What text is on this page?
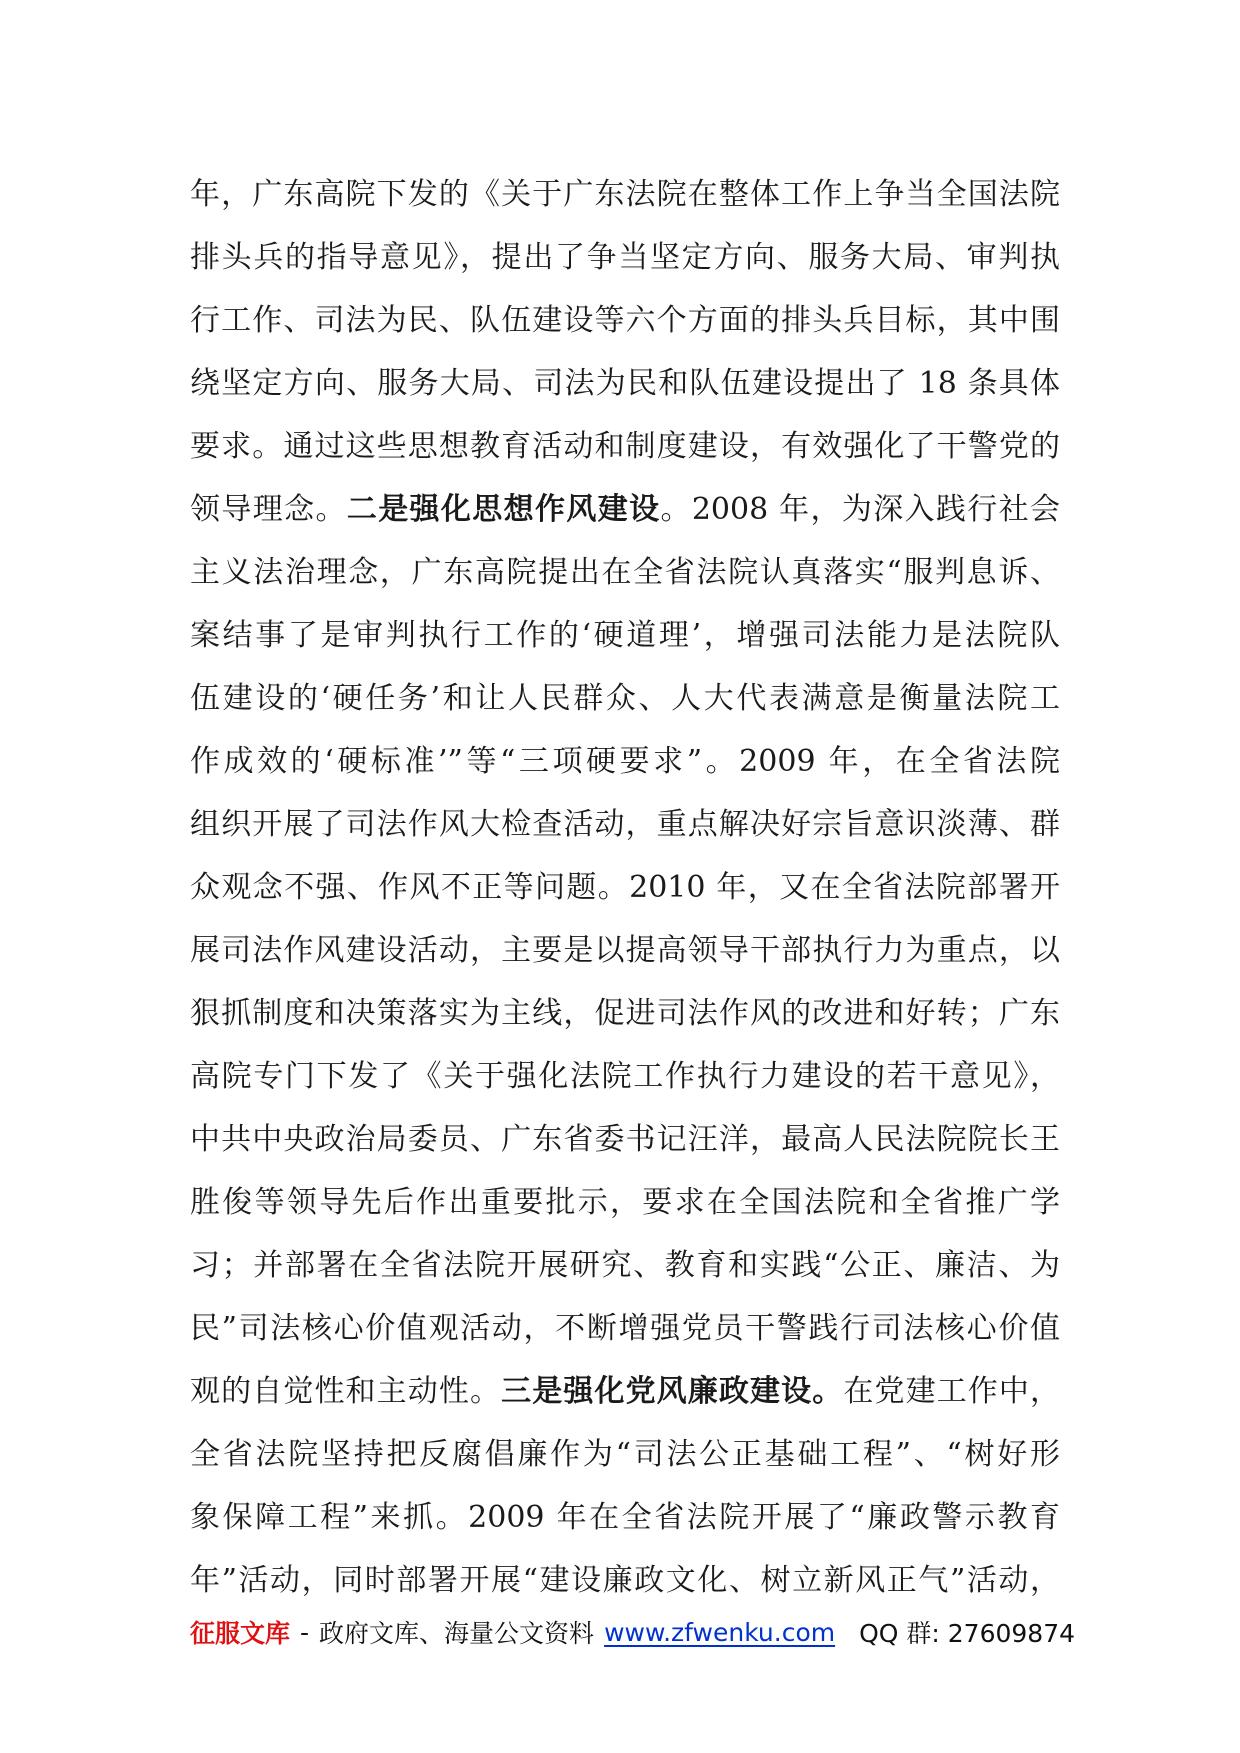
年，广东高院下发的《关于广东法院在整体工作上争当全国法院
排头兵的指导意见》，提出了争当坚定方向、服务大局、审判执
行工作、司法为民、队伍建设等六个方面的排头兵目标，其中围
绕坚定方向、服务大局、司法为民和队伍建设提出了 18 条具体
要求。通过这些思想教育活动和制度建设，有效强化了干警党的
领导理念。二是强化思想作风建设。2008 年，为深入践行社会
主义法治理念，广东高院提出在全省法院认真落实“服判息诉、
案结事了是审判执行工作的‘硬道理’，增强司法能力是法院队
伍建设的‘硬任务’和让人民群众、人大代表满意是衡量法院工
作成效的‘硬标准’”等“三项硬要求”。2009 年，在全省法院
组织开展了司法作风大检查活动，重点解决好宗旨意识淡薄、群
众观念不强、作风不正等问题。2010 年，又在全省法院部署开
展司法作风建设活动，主要是以提高领导干部执行力为重点，以
狠抓制度和决策落实为主线，促进司法作风的改进和好转；广东
高院专门下发了《关于强化法院工作执行力建设的若干意见》，
中共中央政治局委员、广东省委书记汪洋，最高人民法院院长王
胜俊等领导先后作出重要批示，要求在全国法院和全省推广学
习；并部署在全省法院开展研究、教育和实践“公正、廉洁、为
民”司法核心价值观活动，不断增强党员干警践行司法核心价值
观的自觉性和主动性。三是强化党风廉政建设。在党建工作中，
全省法院坚持把反腐倡廉作为“司法公正基础工程”、“树好形
象保障工程”来抓。2009 年在全省法院开展了“廉政警示教育
年”活动，同时部署开展“建设廉政文化、树立新风正气”活动，
征服文库 - 政府文库、海量公文资料 www.zfwenku.com QQ 群: 27609874
